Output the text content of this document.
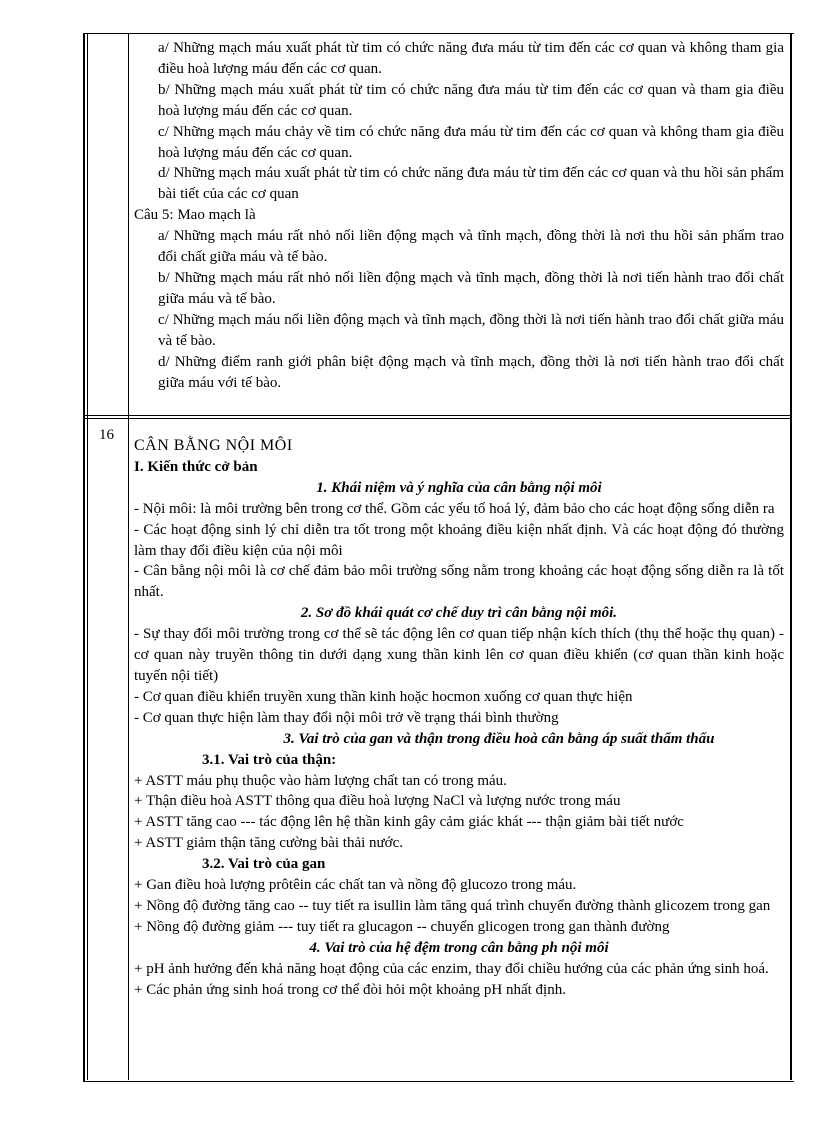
a/ Những mạch máu xuất phát từ tim có chức năng đưa máu từ tim đến các cơ quan và không tham gia điều hoà lượng máu đến các cơ quan.

b/ Những mạch máu xuất phát từ tim có chức năng đưa máu từ tim đến các cơ quan và tham gia điều hoà lượng máu đến các cơ quan.

c/ Những mạch máu chảy về tim có chức năng đưa máu từ tim đến các cơ quan và không tham gia điều hoà lượng máu đến các cơ quan.

d/ Những mạch máu xuất phát từ tim có chức năng đưa máu từ tim đến các cơ quan và thu hồi sản phẩm bài tiết của các cơ quan

Câu 5: Mao mạch là

a/ Những mạch máu rất nhỏ nối liền động mạch và tĩnh mạch, đồng thời là nơi thu hồi sản phẩm trao đổi chất giữa máu và tế bào.

b/ Những mạch máu rất nhỏ nối liền động mạch và tĩnh mạch, đồng thời là nơi tiến hành trao đổi chất giữa máu và tế bào.

c/ Những mạch máu nối liền động mạch và tĩnh mạch, đồng thời là nơi tiến hành trao đổi chất giữa máu và tế bào.

d/ Những điểm ranh giới phân biệt động mạch và tĩnh mạch, đồng thời là nơi tiến hành trao đổi chất giữa máu với tế bào.

16

CÂN BẰNG NỘI MÔI

I. Kiến thức cở bản

1. Khái niệm và ý nghĩa của cân bằng nội môi

- Nội môi: là môi trường bên trong cơ thể. Gồm các yếu tố hoá lý, đảm bảo cho các hoạt động sống diễn ra

- Các hoạt động sinh lý chỉ diễn tra tốt trong một khoảng điều kiện nhất định. Và các hoạt động đó thường làm thay đổi điều kiện của nội môi

- Cân bằng nội môi là cơ chế đảm bảo môi trường sống nằm trong khoảng các hoạt động sống diễn ra là tốt nhất.

2. Sơ đồ khái quát cơ chế duy trì cân bằng nội môi.

- Sự thay đổi môi trường trong cơ thể sẽ tác động lên cơ quan tiếp nhận kích thích (thụ thể hoặc thụ quan) - cơ quan này truyền thông tin dưới dạng xung thần kinh lên cơ quan điều khiển (cơ quan thần kinh hoặc tuyến nội tiết)

- Cơ quan điều khiển truyền xung thần kinh hoặc hocmon xuống cơ quan thực hiện

- Cơ quan thực hiện làm thay đổi nội môi trở về trạng thái bình thường

3. Vai trò của gan và thận trong điều hoà cân bằng áp suất thẩm thấu

3.1. Vai trò của thận:

+ ASTT máu phụ thuộc vào hàm lượng chất tan có trong máu.

+ Thận điều hoà ASTT thông qua điều hoà lượng NaCl và lượng nước trong máu

+ ASTT tăng cao --- tác động lên hệ thần kinh gây cảm giác khát --- thận giảm bài tiết nước

+ ASTT giảm thận tăng cường bài thải nước.

3.2. Vai trò của gan

+ Gan điều hoà lượng prôtêin các chất tan và nồng độ glucozo trong máu.

+ Nồng độ đường tăng cao -- tuy tiết ra isullin làm tăng quá trình chuyển đường thành glicozem trong gan

+ Nồng độ đường giảm --- tuy tiết ra glucagon -- chuyển glicogen trong gan thành đường

4. Vai trò của hệ đệm trong cân bằng ph nội môi

+ pH ảnh hưởng đến khả năng hoạt động của các enzim, thay đổi chiều hướng của các phản ứng sinh hoá.

+ Các phản ứng sinh hoá trong cơ thể đòi hỏi một khoảng pH nhất định.
